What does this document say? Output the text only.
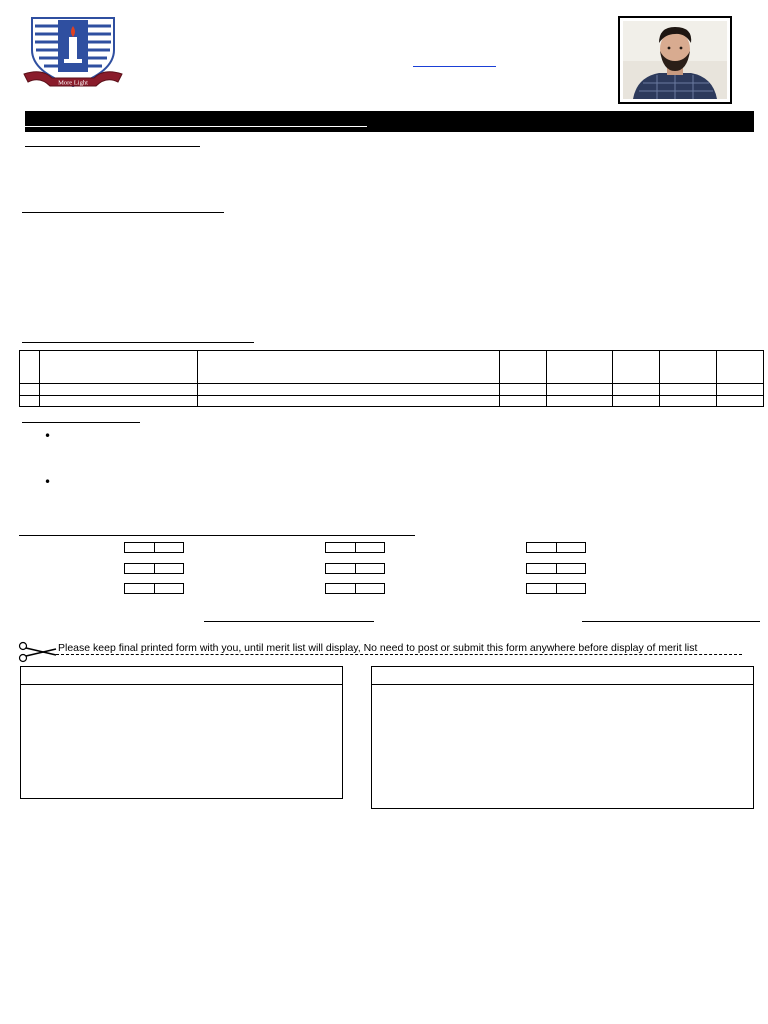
More Light

•
•
Please keep final printed form with you, until merit list will display, No need to post or submit this form anywhere before display of merit list
